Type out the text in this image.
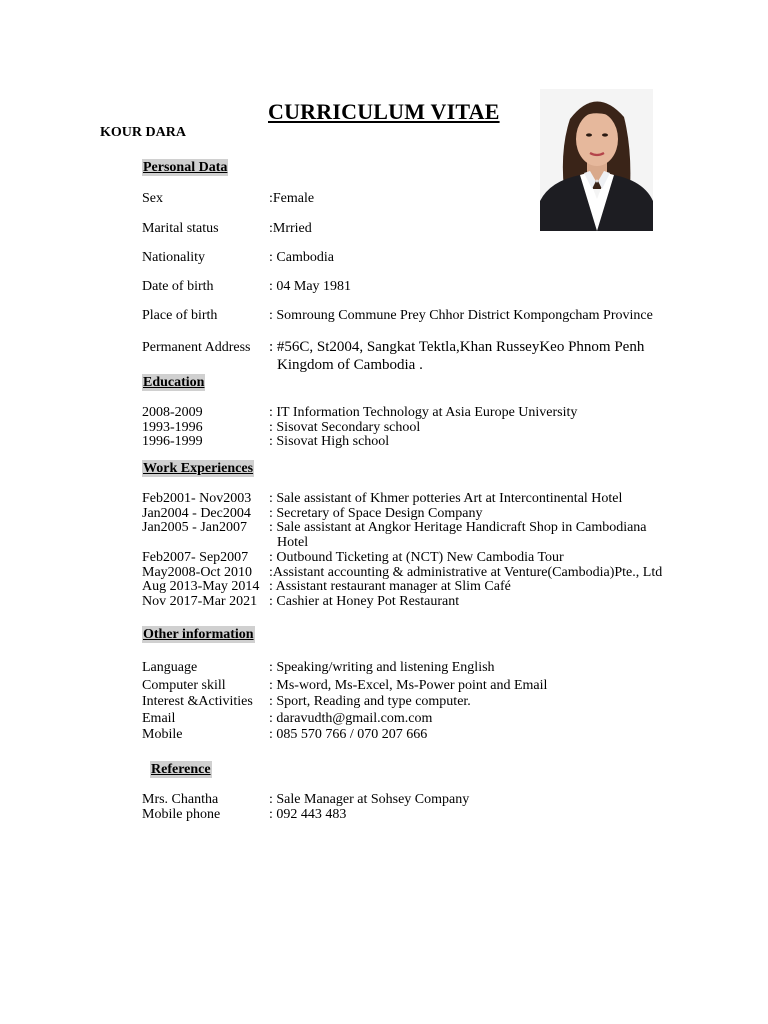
CURRICULUM VITAE
KOUR DARA
Personal Data
Sex	:Female
Marital status	:Mrried
Nationality	: Cambodia
Date of birth	: 04 May 1981
Place of birth	: Somroung Commune Prey Chhor District Kompongcham Province
Permanent Address : #56C, St2004, Sangkat Tektla,Khan RusseyKeo Phnom Penh
Kingdom of Cambodia .
Education
2008-2009	: IT Information Technology at Asia Europe University
1993-1996	: Sisovat Secondary school
1996-1999	: Sisovat High school
Work Experiences
Feb2001- Nov2003 : Sale assistant of Khmer potteries Art at Intercontinental Hotel
Jan2004 - Dec2004 : Secretary of Space Design Company
Jan2005 - Jan2007 : Sale assistant at Angkor Heritage Handicraft Shop in Cambodiana
Hotel
Feb2007- Sep2007 : Outbound Ticketing at (NCT) New Cambodia Tour
May2008-Oct 2010 :Assistant accounting & administrative at Venture(Cambodia)Pte., Ltd
Aug 2013-May 2014 : Assistant restaurant manager at Slim Café
Nov 2017-Mar 2021 : Cashier at Honey Pot Restaurant
Other information
Language	: Speaking/writing and listening English
Computer skill	: Ms-word, Ms-Excel, Ms-Power point and Email
Interest &Activities : Sport, Reading and type computer.
Email	: daravudth@gmail.com.com
Mobile	: 085 570 766 / 070 207 666
Reference
Mrs. Chantha	: Sale Manager at Sohsey Company
Mobile phone	: 092 443 483
